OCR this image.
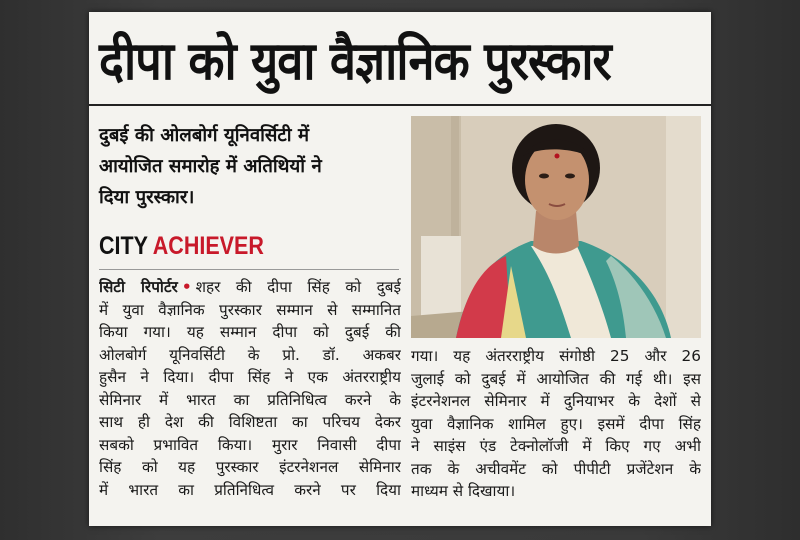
दीपा को युवा वैज्ञानिक पुरस्कार
दुबई की ओलबोर्ग यूनिवर्सिटी में
आयोजित समारोह में अतिथियों ने
दिया पुरस्कार।
CITY ACHIEVER
सिटी रिपोर्टर • शहर की दीपा सिंह को दुबई
में युवा वैज्ञानिक पुरस्कार सम्मान से सम्मानित
किया गया। यह सम्मान दीपा को दुबई की
ओलबोर्ग यूनिवर्सिटी के प्रो. डॉ. अकबर
हुसैन ने दिया। दीपा सिंह ने एक अंतरराष्ट्रीय
सेमिनार में भारत का प्रतिनिधित्व करने के
साथ ही देश की विशिष्टता का परिचय देकर
सबको प्रभावित किया। मुरार निवासी दीपा
सिंह को यह पुरस्कार इंटरनेशनल सेमिनार
में भारत का प्रतिनिधित्व करने पर दिया
गया। यह अंतरराष्ट्रीय संगोष्ठी 25 और 26
जुलाई को दुबई में आयोजित की गई थी। इस
इंटरनेशनल सेमिनार में दुनियाभर के देशों से
युवा वैज्ञानिक शामिल हुए। इसमें दीपा सिंह
ने साइंस एंड टेक्नोलॉजी में किए गए अभी
तक के अचीवमेंट को पीपीटी प्रजेंटेशन के
माध्यम से दिखाया।
